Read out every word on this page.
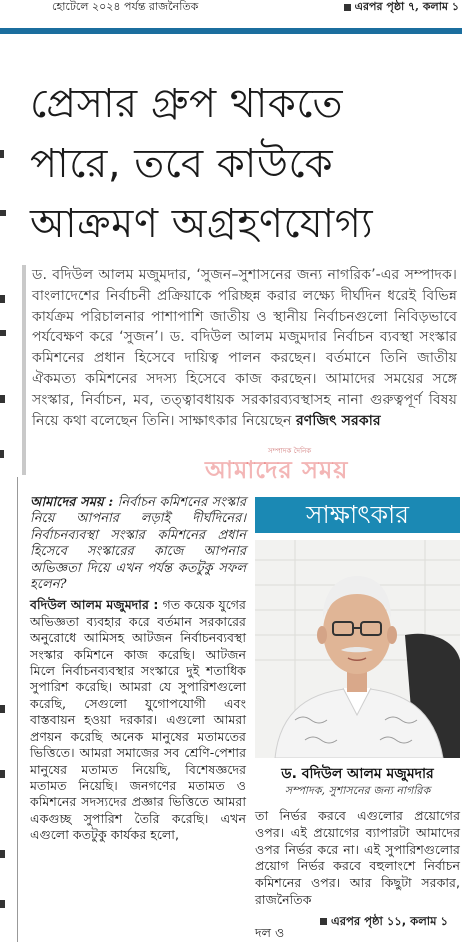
হোটেলে ২০২৪ পর্যন্ত রাজনৈতিক	এরপর পৃষ্ঠা ৭, কলাম ১
প্রেসার গ্রুপ থাকতে
পারে, তবে কাউকে
আক্রমণ অগ্রহণযোগ্য
ড. বদিউল আলম মজুমদার, ‘সুজন–সুশাসনের জন্য নাগরিক’-এর সম্পাদক। বাংলাদেশের নির্বাচনী প্রক্রিয়াকে পরিচ্ছন্ন করার লক্ষ্যে দীর্ঘদিন ধরেই বিভিন্ন কার্যক্রম পরিচালনার পাশাপাশি জাতীয় ও স্থানীয় নির্বাচনগুলো নিবিড়ভাবে পর্যবেক্ষণ করে ‘সুজন’। ড. বদিউল আলম মজুমদার নির্বাচন ব্যবস্থা সংস্কার কমিশনের প্রধান হিসেবে দায়িত্ব পালন করছেন। বর্তমানে তিনি জাতীয় ঐকমত্য কমিশনের সদস্য হিসেবে কাজ করছেন। আমাদের সময়ের সঙ্গে সংস্কার, নির্বাচন, মব, তত্ত্বাবধায়ক সরকারব্যবস্থাসহ নানা গুরুত্বপূর্ণ বিষয় নিয়ে কথা বলেছেন তিনি। সাক্ষাৎকার নিয়েছেন রণজিৎ সরকার
সম্পাদক দৈনিক
আমাদের সময়
আমাদের সময় : নির্বাচন কমিশনের সংস্কার নিয়ে আপনার লড়াই দীর্ঘদিনের। নির্বাচনব্যবস্থা সংস্কার কমিশনের প্রধান হিসেবে সংস্কারের কাজে আপনার অভিজ্ঞতা দিয়ে এখন পর্যন্ত কতটুকু সফল হলেন?
বদিউল আলম মজুমদার : গত কয়েক যুগের অভিজ্ঞতা ব্যবহার করে বর্তমান সরকারের অনুরোধে আমিসহ আটজন নির্বাচনব্যবস্থা সংস্কার কমিশনে কাজ করেছি। আটজন মিলে নির্বাচনব্যবস্থার সংস্কারে দুই শতাধিক সুপারিশ করেছি। আমরা যে সুপারিশগুলো করেছি, সেগুলো যুগোপযোগী এবং বাস্তবায়ন হওয়া দরকার। এগুলো আমরা প্রণয়ন করেছি অনেক মানুষের মতামতের ভিত্তিতে। আমরা সমাজের সব শ্রেণি-পেশার মানুষের মতামত নিয়েছি, বিশেষজ্ঞদের মতামত নিয়েছি। জনগণের মতামত ও কমিশনের সদস্যদের প্রজ্ঞার ভিত্তিতে আমরা একগুচ্ছ সুপারিশ তৈরি করেছি। এখন এগুলো কতটুকু কার্যকর হলো,
সাক্ষাৎকার
ড. বদিউল আলম মজুমদার
সম্পাদক, সুশাসনের জন্য নাগরিক
তা নির্ভর করবে এগুলোর প্রয়োগের ওপর। এই প্রয়োগের ব্যাপারটা আমাদের ওপর নির্ভর করে না। এই সুপারিশগুলোর প্রয়োগ নির্ভর করবে বহুলাংশে নির্বাচন কমিশনের ওপর। আর কিছুটা সরকার, রাজনৈতিক
দল ও
এরপর পৃষ্ঠা ১১, কলাম ১
